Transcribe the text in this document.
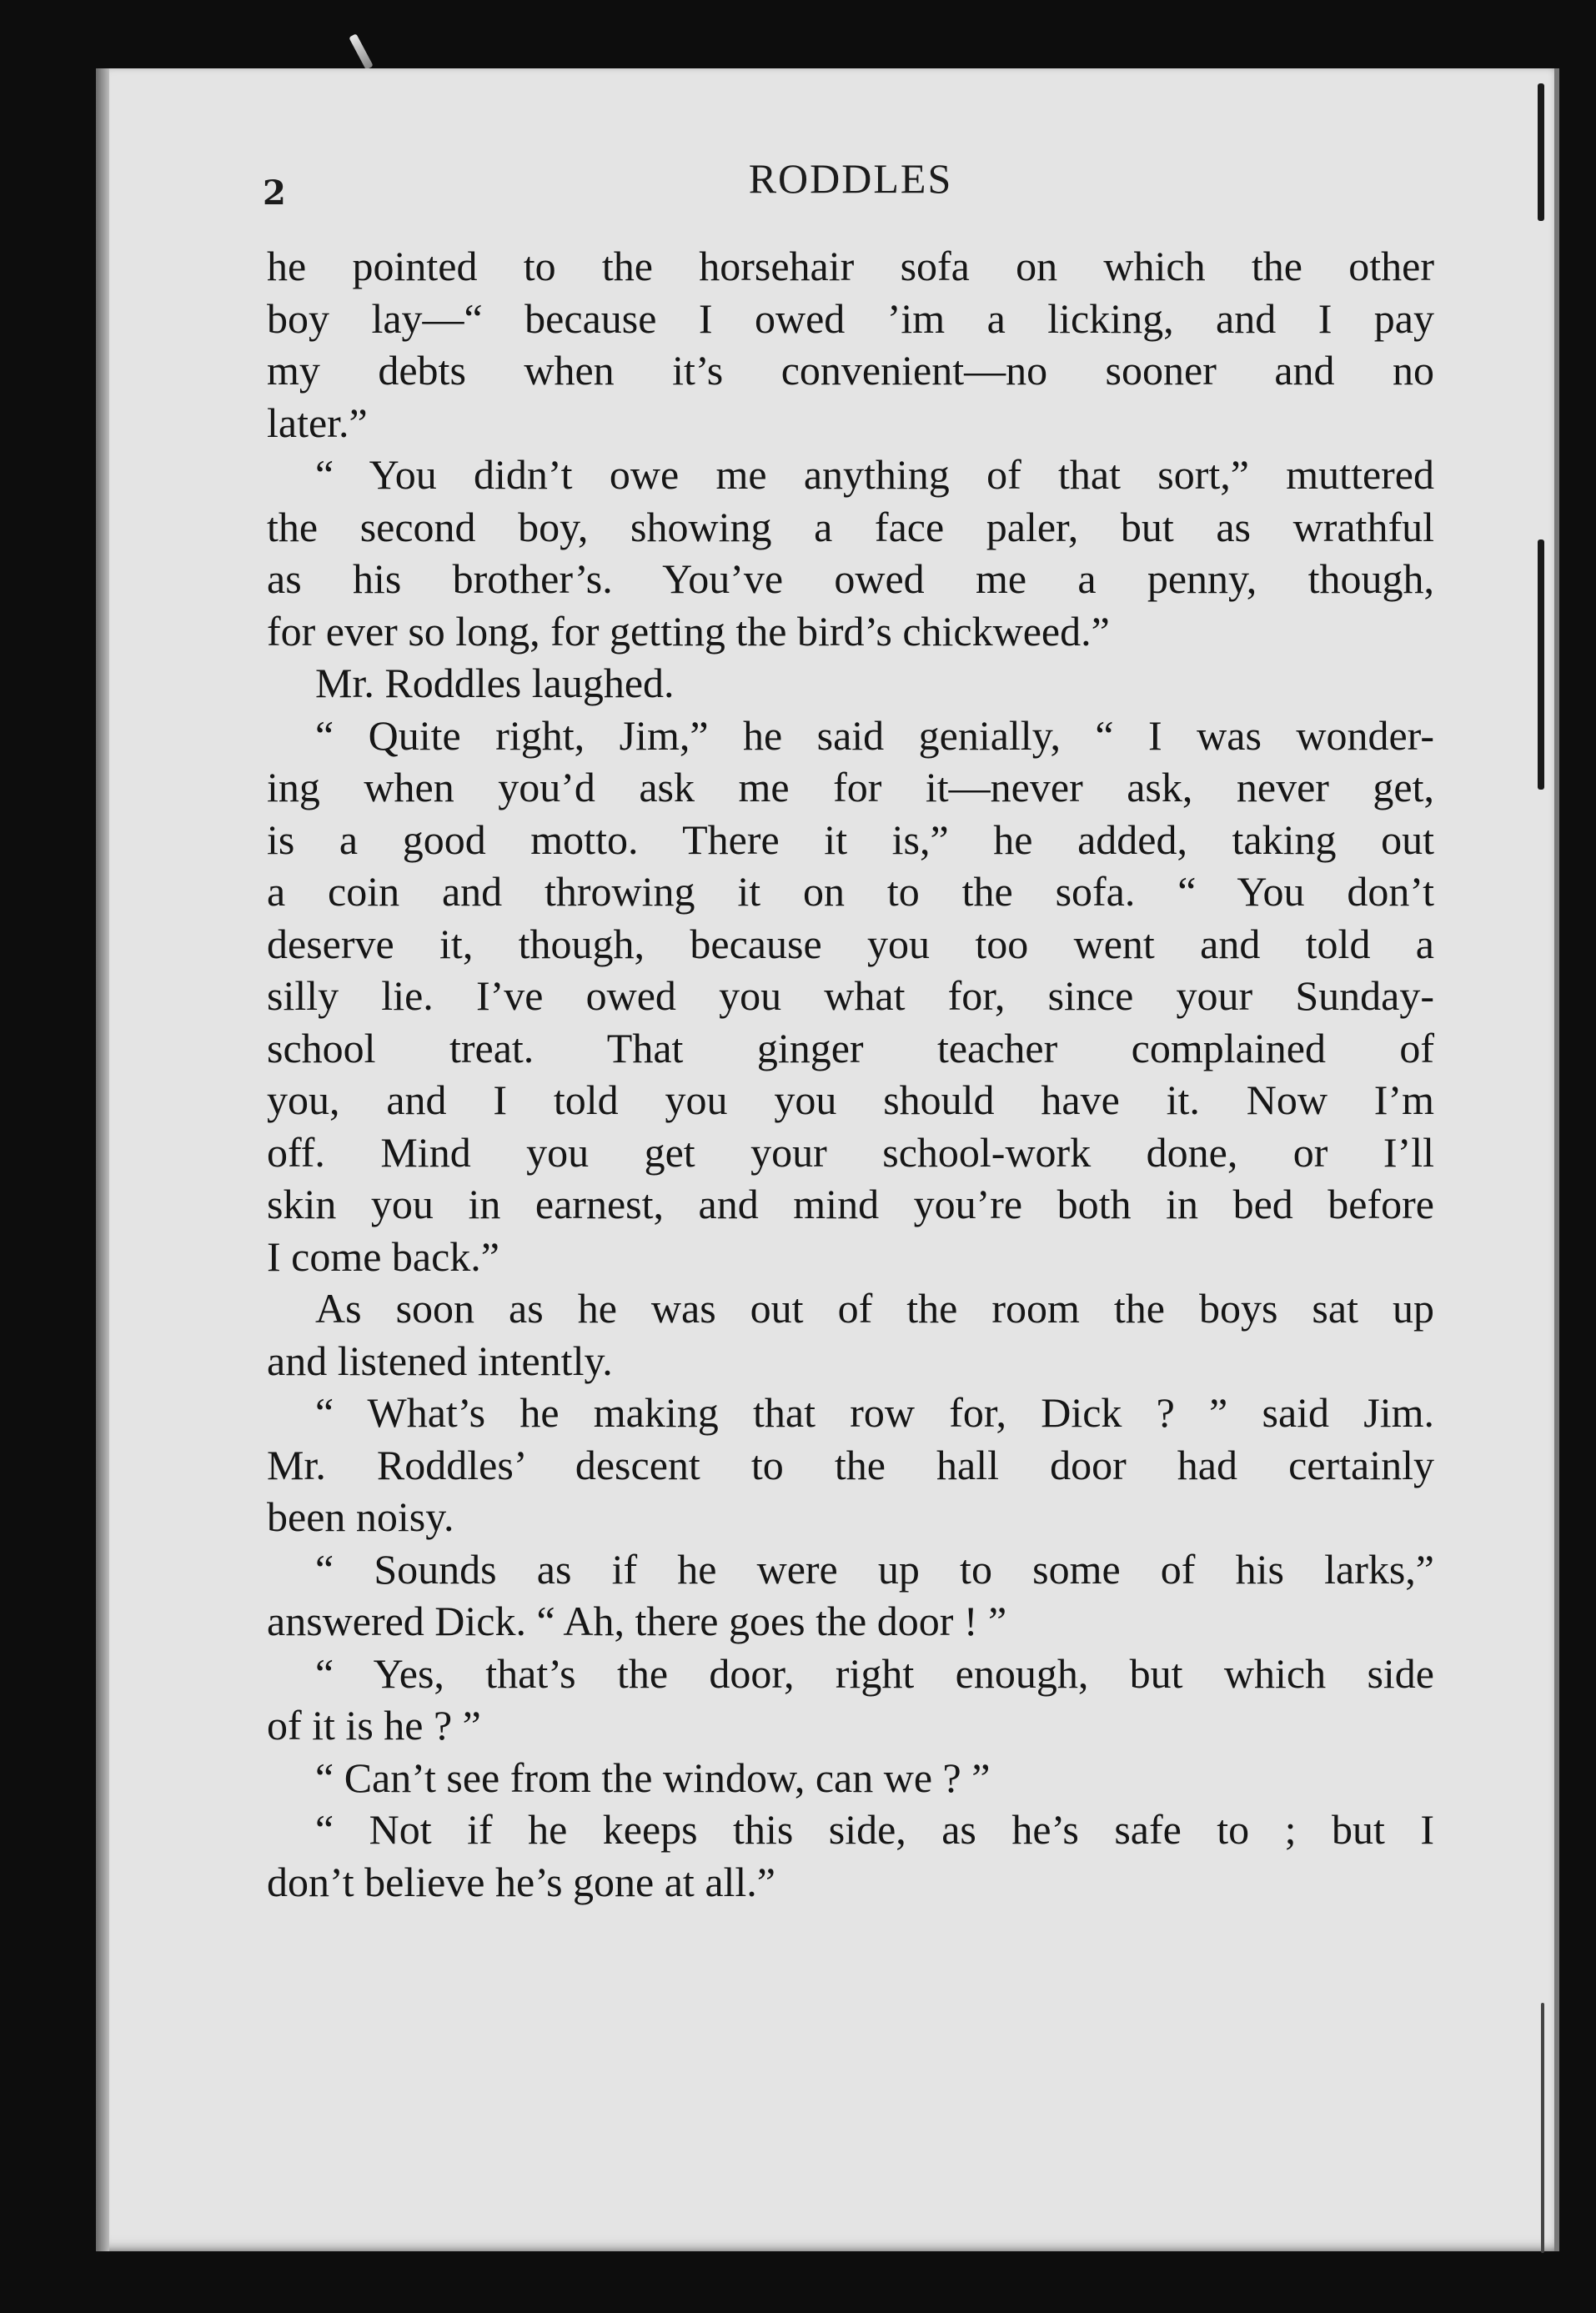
2	RODDLES
he pointed to the horsehair sofa on which the other
boy lay—“ because I owed ’im a licking, and I pay
my debts when it’s convenient—no sooner and no
later.”
“ You didn’t owe me anything of that sort,” muttered
the second boy, showing a face paler, but as wrathful
as his brother’s. You’ve owed me a penny, though,
for ever so long, for getting the bird’s chickweed.”
Mr. Roddles laughed.
“ Quite right, Jim,” he said genially, “ I was wonder-
ing when you’d ask me for it—never ask, never get,
is a good motto. There it is,” he added, taking out
a coin and throwing it on to the sofa. “ You don’t
deserve it, though, because you too went and told a
silly lie. I’ve owed you what for, since your Sunday-
school treat. That ginger teacher complained of
you, and I told you you should have it. Now I’m
off. Mind you get your school-work done, or I’ll
skin you in earnest, and mind you’re both in bed before
I come back.”
As soon as he was out of the room the boys sat up
and listened intently.
“ What’s he making that row for, Dick ? ” said Jim.
Mr. Roddles’ descent to the hall door had certainly
been noisy.
“ Sounds as if he were up to some of his larks,”
answered Dick. “ Ah, there goes the door ! ”
“ Yes, that’s the door, right enough, but which side
of it is he ? ”
“ Can’t see from the window, can we ? ”
“ Not if he keeps this side, as he’s safe to ; but I
don’t believe he’s gone at all.”
